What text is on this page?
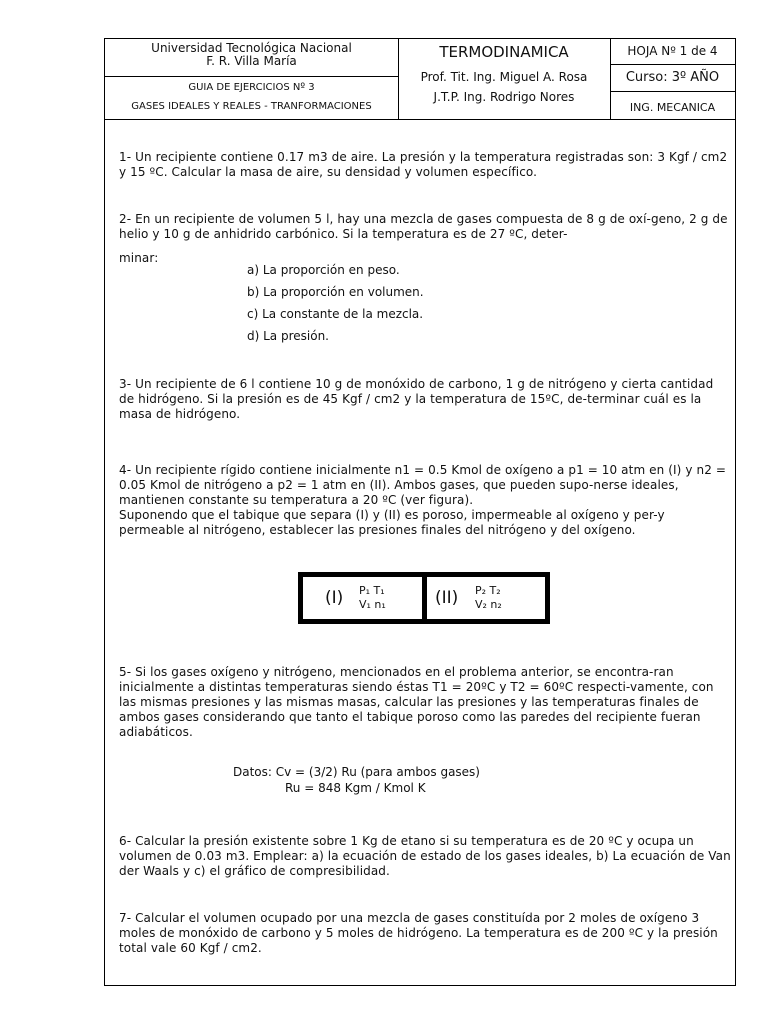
Universidad Tecnológica Nacional
F. R. Villa María
GUIA DE EJERCICIOS Nº 3
GASES IDEALES Y REALES - TRANFORMACIONES
TERMODINAMICA
Prof. Tit. Ing. Miguel A. Rosa
J.T.P. Ing. Rodrigo Nores
HOJA Nº 1 de 4
Curso: 3º AÑO
ING. MECANICA
1- Un recipiente contiene 0.17 m3 de aire. La presión y la temperatura registradas son: 3 Kgf / cm2 y 15 ºC. Calcular la masa de aire, su densidad y volumen específico.
2- En un recipiente de volumen 5 l, hay una mezcla de gases compuesta de 8 g de oxí-geno, 2 g de helio y 10 g de anhidrido carbónico. Si la temperatura es de 27 ºC, deter-
minar:
a) La proporción en peso.
b) La proporción en volumen.
c) La constante de la mezcla.
d) La presión.
3- Un recipiente de 6 l contiene 10 g de monóxido de carbono, 1 g de nitrógeno y cierta cantidad de hidrógeno. Si la presión es de 45 Kgf / cm2 y la temperatura de 15ºC, de-terminar cuál es la masa de hidrógeno.
4- Un recipiente rígido contiene inicialmente n1 = 0.5 Kmol de oxígeno a p1 = 10 atm en (I) y n2 = 0.05 Kmol de nitrógeno a p2 = 1 atm en (II). Ambos gases, que pueden supo-nerse ideales, mantienen constante su temperatura a 20 ºC (ver figura).
Suponendo que el tabique que separa (I) y (II) es poroso, impermeable al oxígeno y per-y permeable al nitrógeno, establecer las presiones finales del nitrógeno y del oxígeno.
(I) P₁ T₁
V₁ n₁	(II) P₂ T₂
V₂ n₂
5- Si los gases oxígeno y nitrógeno, mencionados en el problema anterior, se encontra-ran inicialmente a distintas temperaturas siendo éstas T1 = 20ºC y T2 = 60ºC respecti-vamente, con las mismas presiones y las mismas masas, calcular las presiones y las temperaturas finales de ambos gases considerando que tanto el tabique poroso como las paredes del recipiente fueran adiabáticos.
Datos: Cv = (3/2) Ru (para ambos gases)
Ru = 848 Kgm / Kmol K
6- Calcular la presión existente sobre 1 Kg de etano si su temperatura es de 20 ºC y ocupa un volumen de 0.03 m3. Emplear: a) la ecuación de estado de los gases ideales, b) La ecuación de Van der Waals y c) el gráfico de compresibilidad.
7- Calcular el volumen ocupado por una mezcla de gases constituída por 2 moles de oxígeno 3 moles de monóxido de carbono y 5 moles de hidrógeno. La temperatura es de 200 ºC y la presión total vale 60 Kgf / cm2.
